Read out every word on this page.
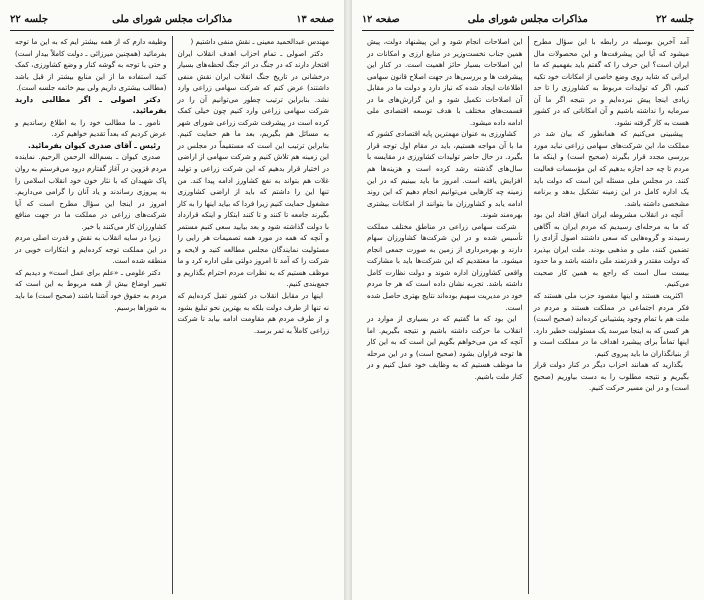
صفحه ۱۳
مذاکرات مجلس شورای ملی
جلسه ۲۲

مهندس عبدالحمید معینی ـ نقش منفی داشتیم (

دکتر اصولی ـ تمام احزاب اهدف انقلاب ایران افتخار دارند که در جنگ در اثر جنگ لحظه‌های بسیار درخشانی در تاریخ جنگ انقلاب ایران نقش منفی داشتند) عرض کنم که شرکت سهامی زراعی وارد نشد. بنابراین ترتیب چطور می‌توانیم آن را در شرکت سهامی زراعی وارد کنیم چون خیلی کمک کرده است در پیشرفت شرکت زراعی شورای شهر به مسائل هم بگیریم، بعد ما هم حمایت کنیم. بنابراین ترتیب این است که مستقیماً در مجلس در این زمینه هم تلاش کنیم و شرکت سهامی از اراضی در اختیار قرار بدهیم که این شرکت زراعی و تولید غلات هم بتواند به نفع کشاورز ادامه پیدا کند. من تنها این را داشتم که باید از اراضی کشاورزی مشغول حمایت کنیم زیرا فردا که بیاید اینها را به کار بگیرند جامعه تا کنند و تا کنند ابتکار و اینکه قرارداد با دولت گذاشته شود و بعد بیایید سعی کنیم مستمر و آنچه که همه در مورد همه تصمیمات هر رایی را مسئولیت نمایندگان مجلس مطالعه کنید و لایحه و شرکت را که آمد تا امروز دولتی ملی اداره کرد و ما موظف هستیم که به نظرات مردم احترام بگذاریم و جمع‌بندی کنیم.

اینها در مقابل انقلاب در کشور تقبل کرده‌ایم که نه تنها از طرف دولت بلکه به بهترین نحو تبلیغ بشود و از طرف مردم هم مقاومت ادامه بیابد تا شرکت زراعی کاملاً به ثمر برسد.

وظیفه دارم که از همه بیشتر ایم که به این ما توجه بفرمائید (همچنین میرزائی ـ دولت کاملاً بیدار است) و حتی با توجه به گوشه کنار و وضع کشاورزی، کمک کنید استفاده ما از این منابع بیشتر از قبل باشد (مطالب بیشتری داریم ولی بیم خاتمه جلسه است).

دکتر اصولی ـ اگر مطالبی دارید بفرمائید.

نامور ـ ما مطالب خود را به اطلاع رساندیم و عرض کردیم که بعداً تقدیم خواهیم کرد.

رئیس ـ آقای صدری کیوان بفرمائید.

صدری کیوان ـ بسم‌الله الرحمن الرحیم. نماینده مردم قزوین در آغاز گفتارم درود می‌فرستم به روان پاک شهیدان که با نثار خون خود انقلاب اسلامی را به پیروزی رساندند و یاد آنان را گرامی می‌داریم. امروز در اینجا این سؤال مطرح است که آیا شرکت‌های زراعی در مملکت ما در جهت منافع کشاورزان کار می‌کنند یا خیر.

زیرا در سایه انقلاب به نقش و قدرت اصلی مردم در این مملکت توجه کرده‌ایم و ابتکارات خوبی در منطقه شده است.

دکتر علومی ـ «علم برای عمل است» و دیدیم که تغییر اوضاع بیش از همه مربوط به این است که مردم به حقوق خود آشنا باشند (صحیح است) ما باید به شوراها برسیم.

جلسه ۲۲
مذاکرات مجلس شورای ملی
صفحه ۱۲

آمد آخرین بوسیله در رابطه با این سؤال مطرح میشود که آیا این پیشرفت‌ها و این محصولات مال ایران است؟ این حرف را که گفتم باید بفهمیم که ما ایرانی که شاید روی وضع خاصی از امکانات خود تکیه کنیم، اگر که تولیدات مربوط به کشاورزی را تا حد زیادی اینجا پیش نبرده‌ایم و در نتیجه اگر ما آن سرمایه را نداشته باشیم و آن امکاناتی که در کشور هست به کار گرفته نشود.

پیشبینی می‌کنیم که همانطور که بیان شد در مملکت ما، این شرکت‌های سهامی زراعی نباید مورد بررسی مجدد قرار بگیرند (صحیح است) و اینکه ما مردم تا چه حد اجازه بدهیم که این مؤسسات فعالیت کنند. در مجلس ملی مسئله این است که دولت باید یک اداره کامل در این زمینه تشکیل بدهد و برنامه مشخصی داشته باشد.

آنچه در انقلاب مشروطه ایران اتفاق افتاد این بود که ما به مرحله‌ای رسیدیم که مردم ایران به آگاهی رسیدند و گروه‌هایی که سعی داشتند اصول آزادی را تضمین کنند، ملی و مذهبی بودند. ملت ایران بپذیرد که دولت مقتدر و قدرتمند ملی داشته باشد و ما حدود بیست سال است که راجع به همین کار صحبت می‌کنیم.

اکثریت هستند و اینها مقصود حزب ملی هستند که فکر مردم اجتماعی در مملکت هستند و مردم در ملت هم با تمام وجود پشتیبانی کرده‌اند (صحیح است) هر کسی که به اینجا میرسد یک مسئولیت خطیر دارد. اینها تماماً برای پیشبرد اهداف ما در مملکت است و از بنیانگذاران ما باید پیروی کنیم.

بگذارید که همانند احزاب دیگر در کنار دولت قرار بگیریم و نتیجه مطلوب را به دست بیاوریم (صحیح است) و در این مسیر حرکت کنیم.

این اصلاحات انجام شود و این پیشنهاد دولت، پیش همین جناب نخست‌وزیر در منابع ارزی و امکانات در این اصلاحات بسیار حائز اهمیت است. در کنار این پیشرفت ها و بررسی‌ها در جهت اصلاح قانون سهامی اطلاعات ایجاد شده که نیاز دارد و دولت ما در مقابل آن اصلاحات تکمیل شود و این گزارش‌های ما در قسمت‌های مختلف با هدف توسعه اقتصادی ملی ادامه داده میشود.

کشاورزی به عنوان مهمترین پایه اقتصادی کشور که ما با آن مواجه هستیم، باید در مقام اول توجه قرار بگیرد. در حال حاضر تولیدات کشاورزی در مقایسه با سال‌های گذشته رشد کرده است و هزینه‌ها هم افزایش یافته است. امروز ما باید ببینیم که در این زمینه چه کارهایی می‌توانیم انجام دهیم که این روند ادامه یابد و کشاورزان ما بتوانند از امکانات بیشتری بهره‌مند شوند.

شرکت سهامی زراعی در مناطق مختلف مملکت تأسیس شده و در این شرکت‌ها کشاورزان سهام دارند و بهره‌برداری از زمین به صورت جمعی انجام میشود. ما معتقدیم که این شرکت‌ها باید با مشارکت واقعی کشاورزان اداره شوند و دولت نظارت کامل داشته باشد. تجربه نشان داده است که هر جا مردم خود در مدیریت سهیم بوده‌اند نتایج بهتری حاصل شده است.

این بود که ما گفتیم که در بسیاری از موارد در انقلاب ما حرکت داشته باشیم و نتیجه بگیریم. اما آنچه که من می‌خواهم بگویم این است که به این کار ها توجه فراوان بشود (صحیح است) و در این مرحله ما موظف هستیم که به وظایف خود عمل کنیم و در کنار ملت باشیم.
